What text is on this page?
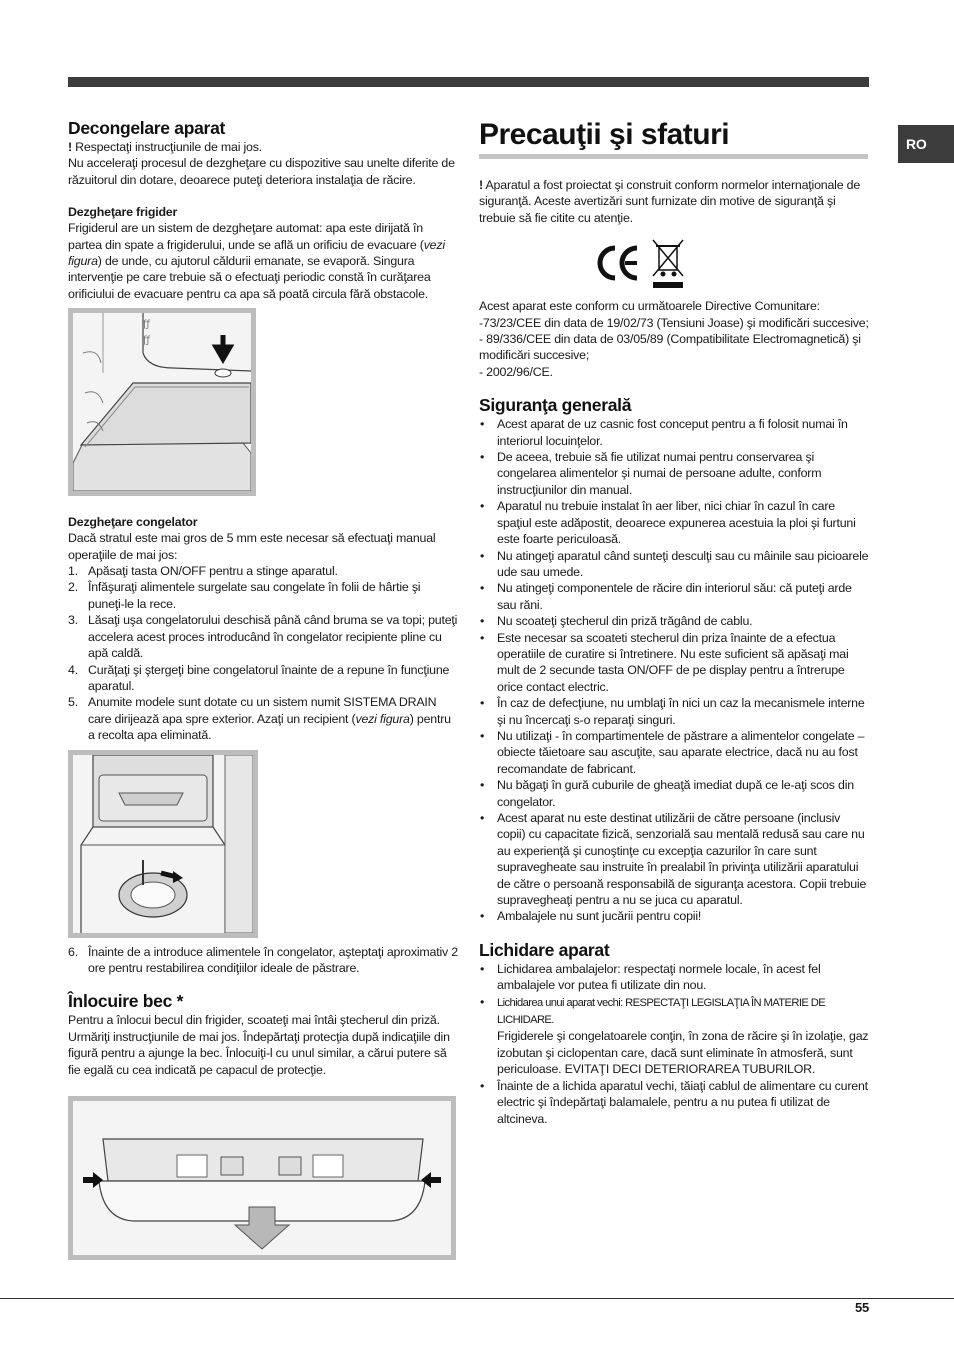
RO
Decongelare aparat

! Respectaţi instrucţiunile de mai jos.

Nu acceleraţi procesul de dezgheţare cu dispozitive sau unelte diferite de răzuitorul din dotare, deoarece puteţi deteriora instalaţia de răcire.

Dezgheţare frigider

Frigiderul are un sistem de dezgheţare automat: apa este dirijată în partea din spate a frigiderului, unde se află un orificiu de evacuare (vezi figura) de unde, cu ajutorul căldurii emanate, se evaporă. Singura intervenţie pe care trebuie să o efectuaţi periodic constă în curăţarea orificiului de evacuare pentru ca apa să poată circula fără obstacole.

ƒƒ
ƒƒ
Dezgheţare congelator

Dacă stratul este mai gros de 5 mm este necesar să efectuaţi manual operaţiile de mai jos:

1. Apăsaţi tasta ON/OFF pentru a stinge aparatul.
2. Înfăşuraţi alimentele surgelate sau congelate în folii de hârtie şi puneţi-le la rece.
3. Lăsaţi uşa congelatorului deschisă până când bruma se va topi; puteţi accelera acest proces introducând în congelator recipiente pline cu apă caldă.
4. Curăţaţi şi ştergeţi bine congelatorul înainte de a repune în funcţiune aparatul.
5. Anumite modele sunt dotate cu un sistem numit SISTEMA DRAIN care dirijează apa spre exterior. Azaţi un recipient (vezi figura) pentru a recolta apa eliminată.
6. Înainte de a introduce alimentele în congelator, aşteptaţi aproximativ 2 ore pentru restabilirea condiţiilor ideale de păstrare.
Înlocuire bec *

Pentru a înlocui becul din frigider, scoateţi mai întâi ştecherul din priză. Urmăriţi instrucţiunile de mai jos. Îndepărtaţi protecţia după indicaţiile din figură pentru a ajunge la bec. Înlocuiţi-l cu unul similar, a cărui putere să fie egală cu cea indicată pe capacul de protecţie.

Precauţii şi sfaturi

! Aparatul a fost proiectat şi construit conform normelor internaţionale de siguranţă. Aceste avertizări sunt furnizate din motive de siguranţă şi trebuie să fie citite cu atenţie.

Acest aparat este conform cu următoarele Directive Comunitare:

-73/23/CEE din data de 19/02/73 (Tensiuni Joase) şi modificări succesive;

- 89/336/CEE din data de 03/05/89 (Compatibilitate Electromagnetică) şi modificări succesive;

- 2002/96/CE.

Siguranţa generală
•	Acest aparat de uz casnic fost conceput pentru a fi folosit numai în interiorul locuinţelor.
•	De aceea, trebuie să fie utilizat numai pentru conservarea şi congelarea alimentelor şi numai de persoane adulte, conform instrucţiunilor din manual.
•	Aparatul nu trebuie instalat în aer liber, nici chiar în cazul în care spaţiul este adăpostit, deoarece expunerea acestuia la ploi şi furtuni este foarte periculoasă.
•	Nu atingeţi aparatul când sunteţi desculţi sau cu mâinile sau picioarele ude sau umede.
•	Nu atingeţi componentele de răcire din interiorul său: că puteţi arde sau răni.
•	Nu scoateţi ştecherul din priză trăgând de cablu.
•	Este necesar sa scoateti stecherul din priza înainte de a efectua operatiile de curatire si întretinere. Nu este suficient să apăsaţi mai mult de 2 secunde tasta ON/OFF de pe display pentru a întrerupe orice contact electric.
•	În caz de defecţiune, nu umblaţi în nici un caz la mecanismele interne şi nu încercaţi s-o reparaţi singuri.
•	Nu utilizaţi - în compartimentele de păstrare a alimentelor congelate – obiecte tăietoare sau ascuţite, sau aparate electrice, dacă nu au fost recomandate de fabricant.
•	Nu băgaţi în gură cuburile de gheaţă imediat după ce le-aţi scos din congelator.
•	Acest aparat nu este destinat utilizării de către persoane (inclusiv copii) cu capacitate fizică, senzorială sau mentală redusă sau care nu au experienţă şi cunoştinţe cu excepţia cazurilor în care sunt supravegheate sau instruite în prealabil în privinţa utilizării aparatului de către o persoană responsabilă de siguranţa acestora. Copii trebuie supravegheaţi pentru a nu se juca cu aparatul.
•	Ambalajele nu sunt jucării pentru copii!
Lichidare aparat
•	Lichidarea ambalajelor: respectaţi normele locale, în acest fel ambalajele vor putea fi utilizate din nou.
•	Lichidarea unui aparat vechi: RESPECTAŢI LEGISLAŢIA ÎN MATERIE DE LICHIDARE.
Frigiderele şi congelatoarele conţin, în zona de răcire şi în izolaţie, gaz izobutan şi ciclopentan care, dacă sunt eliminate în atmosferă, sunt periculoase. EVITAŢI DECI DETERIORAREA TUBURILOR.
•	Înainte de a lichida aparatul vechi, tăiaţi cablul de alimentare cu curent electric şi îndepărtaţi balamalele, pentru a nu putea fi utilizat de altcineva.
55
